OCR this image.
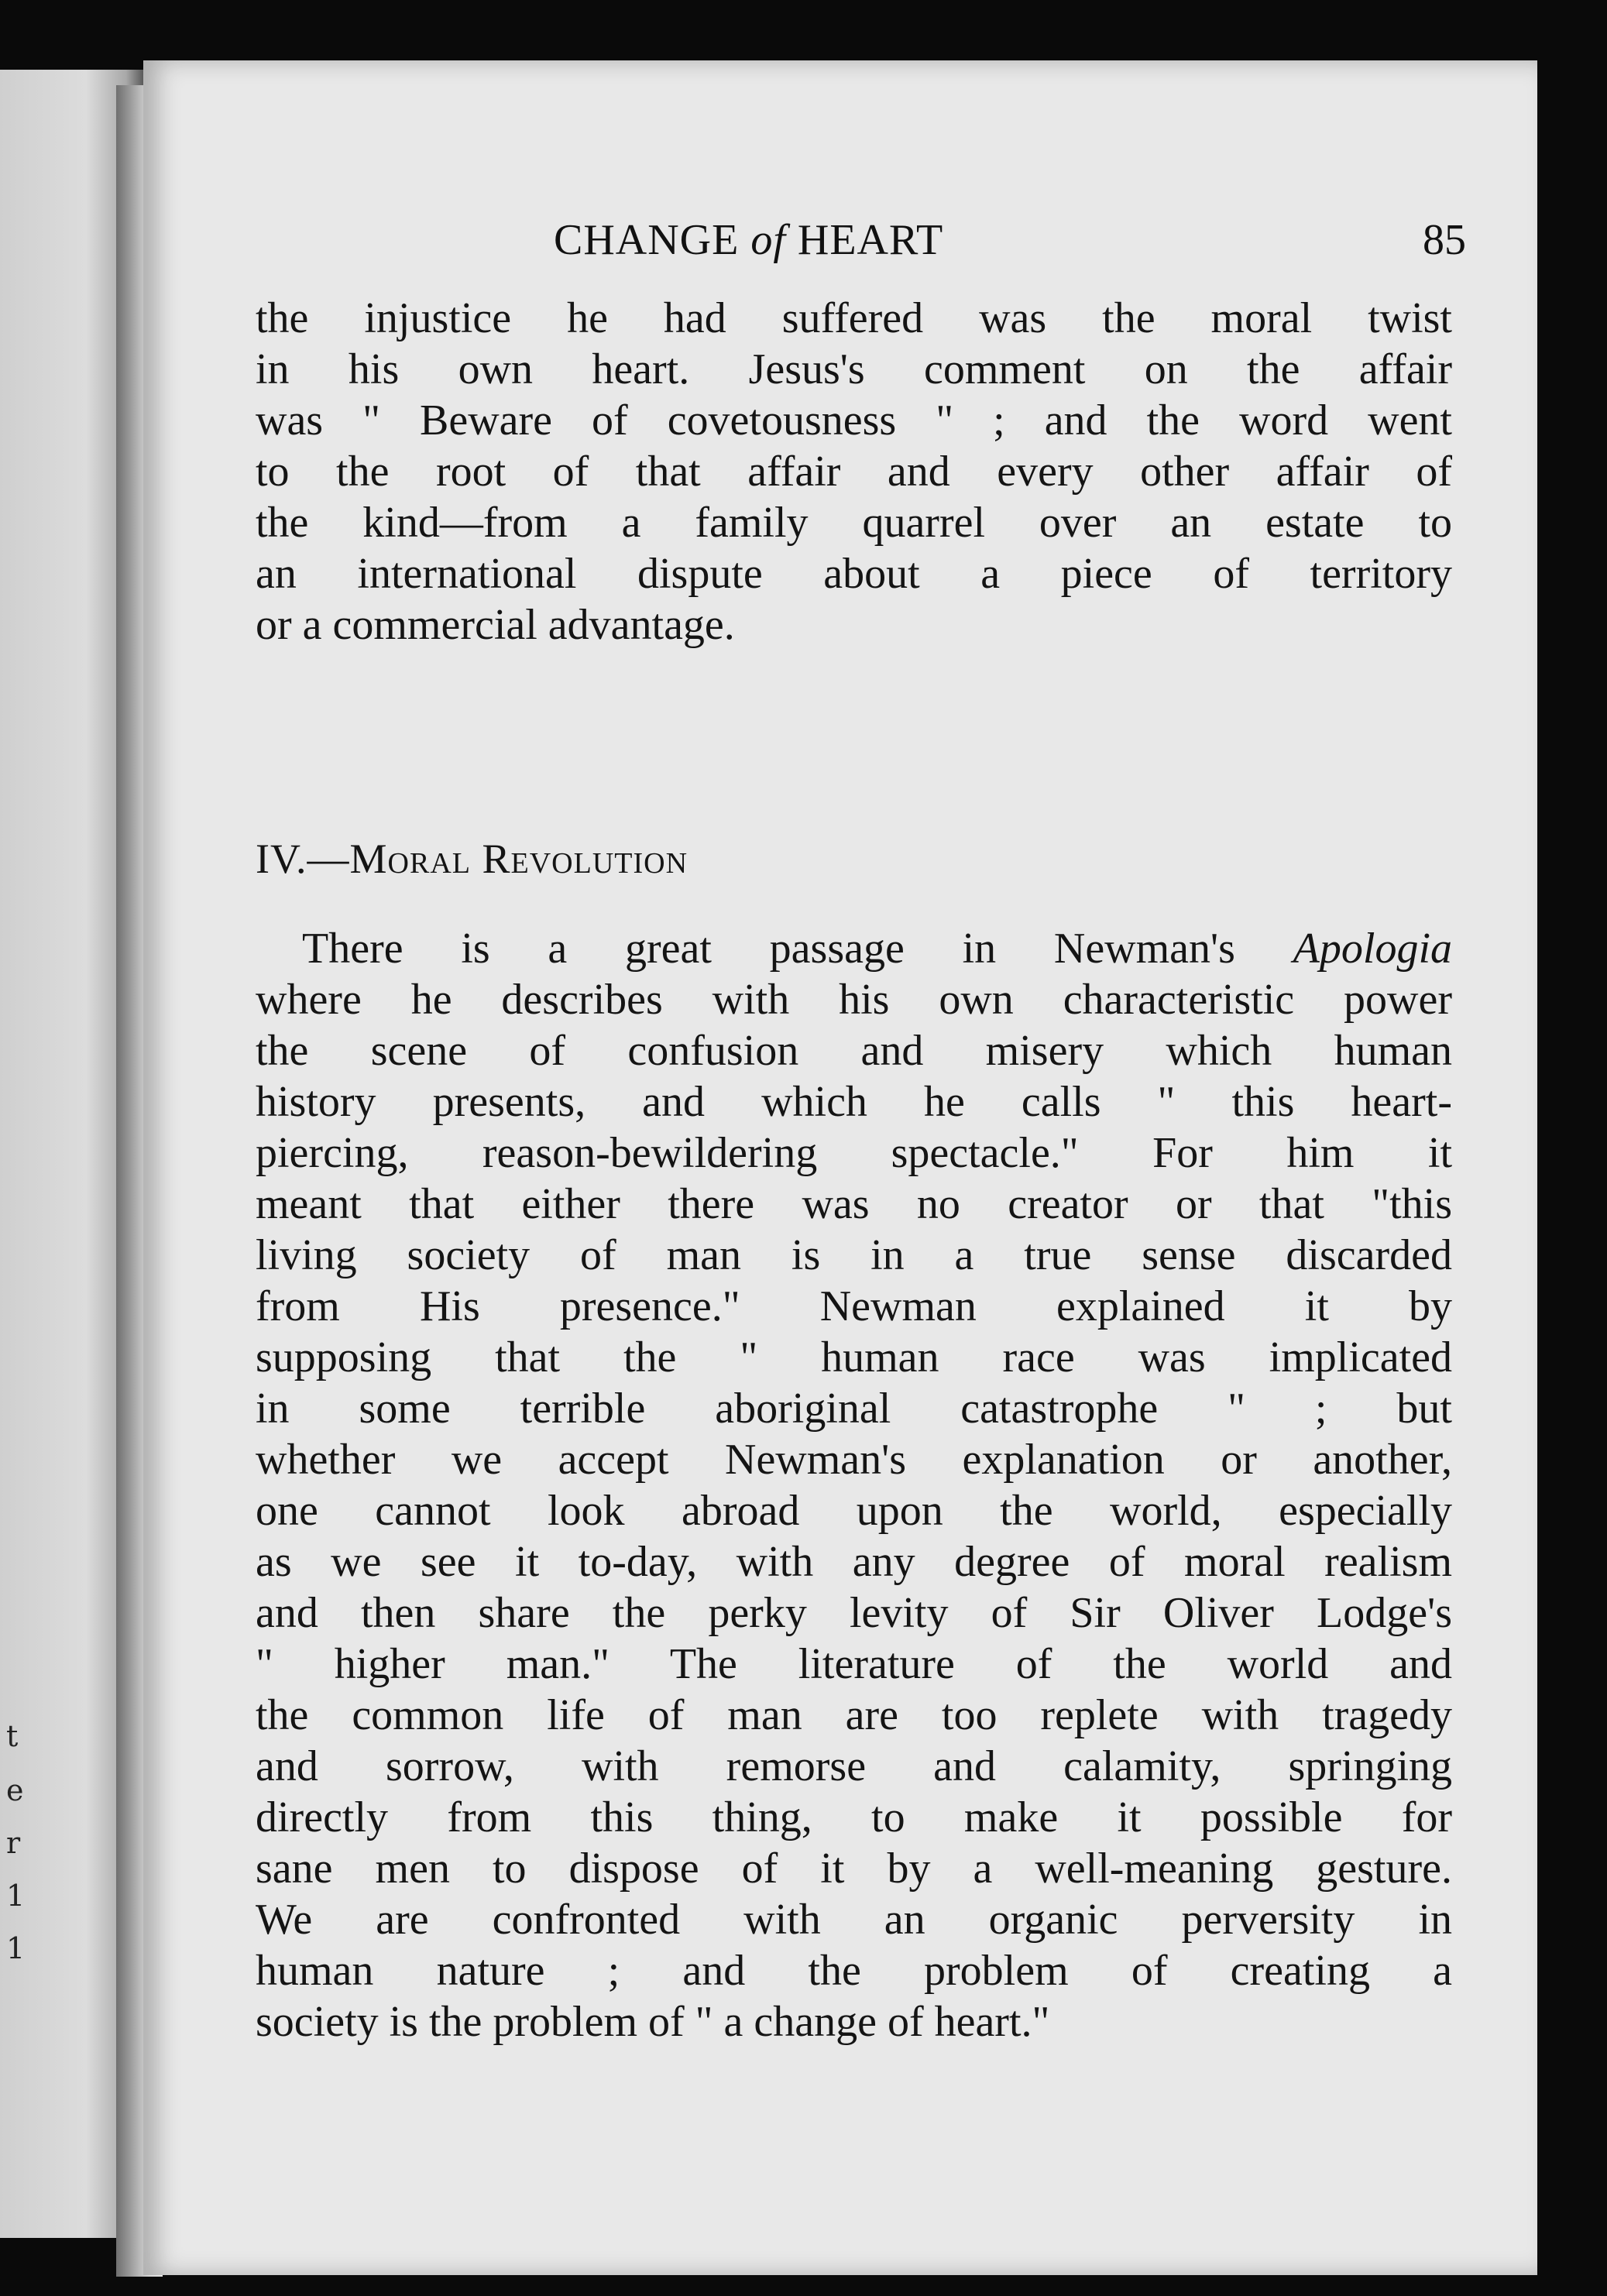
t
e
r
1
1
CHANGE of HEART	85
the injustice he had suffered was the moral twist
in his own heart. Jesus's comment on the affair
was " Beware of covetousness " ; and the word went
to the root of that affair and every other affair of
the kind—from a family quarrel over an estate to
an international dispute about a piece of territory
or a commercial advantage.
IV.—Moral Revolution
There is a great passage in Newman's Apologia
where he describes with his own characteristic power
the scene of confusion and misery which human
history presents, and which he calls " this heart-
piercing, reason-bewildering spectacle." For him it
meant that either there was no creator or that "this
living society of man is in a true sense discarded
from His presence." Newman explained it by
supposing that the " human race was implicated
in some terrible aboriginal catastrophe " ; but
whether we accept Newman's explanation or another,
one cannot look abroad upon the world, especially
as we see it to-day, with any degree of moral realism
and then share the perky levity of Sir Oliver Lodge's
" higher man." The literature of the world and
the common life of man are too replete with tragedy
and sorrow, with remorse and calamity, springing
directly from this thing, to make it possible for
sane men to dispose of it by a well-meaning gesture.
We are confronted with an organic perversity in
human nature ; and the problem of creating a
society is the problem of " a change of heart."
